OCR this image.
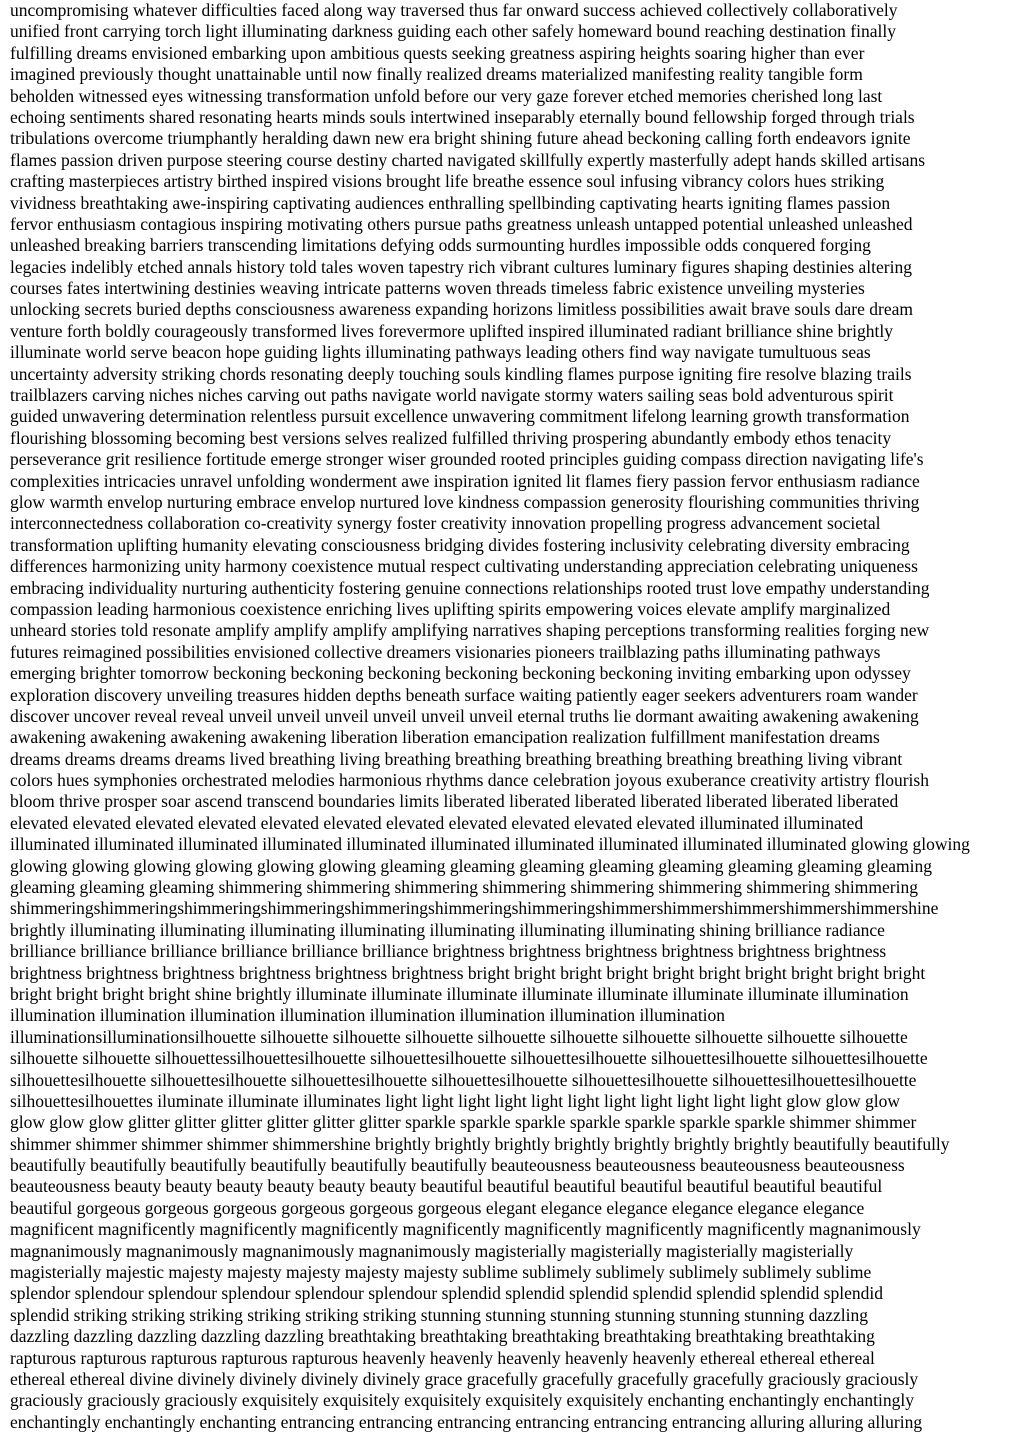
uncompromising whatever difficulties faced along way traversed thus far onward success achieved collectively collaboratively
unified front carrying torch light illuminating darkness guiding each other safely homeward bound reaching destination finally
fulfilling dreams envisioned embarking upon ambitious quests seeking greatness aspiring heights soaring higher than ever
imagined previously thought unattainable until now finally realized dreams materialized manifesting reality tangible form
beholden witnessed eyes witnessing transformation unfold before our very gaze forever etched memories cherished long last
echoing sentiments shared resonating hearts minds souls intertwined inseparably eternally bound fellowship forged through trials
tribulations overcome triumphantly heralding dawn new era bright shining future ahead beckoning calling forth endeavors ignite
flames passion driven purpose steering course destiny charted navigated skillfully expertly masterfully adept hands skilled artisans
crafting masterpieces artistry birthed inspired visions brought life breathe essence soul infusing vibrancy colors hues striking
vividness breathtaking awe-inspiring captivating audiences enthralling spellbinding captivating hearts igniting flames passion
fervor enthusiasm contagious inspiring motivating others pursue paths greatness unleash untapped potential unleashed unleashed
unleashed breaking barriers transcending limitations defying odds surmounting hurdles impossible odds conquered forging
legacies indelibly etched annals history told tales woven tapestry rich vibrant cultures luminary figures shaping destinies altering
courses fates intertwining destinies weaving intricate patterns woven threads timeless fabric existence unveiling mysteries
unlocking secrets buried depths consciousness awareness expanding horizons limitless possibilities await brave souls dare dream
venture forth boldly courageously transformed lives forevermore uplifted inspired illuminated radiant brilliance shine brightly
illuminate world serve beacon hope guiding lights illuminating pathways leading others find way navigate tumultuous seas
uncertainty adversity striking chords resonating deeply touching souls kindling flames purpose igniting fire resolve blazing trails
trailblazers carving niches niches carving out paths navigate world navigate stormy waters sailing seas bold adventurous spirit
guided unwavering determination relentless pursuit excellence unwavering commitment lifelong learning growth transformation
flourishing blossoming becoming best versions selves realized fulfilled thriving prospering abundantly embody ethos tenacity
perseverance grit resilience fortitude emerge stronger wiser grounded rooted principles guiding compass direction navigating life's
complexities intricacies unravel unfolding wonderment awe inspiration ignited lit flames fiery passion fervor enthusiasm radiance
glow warmth envelop nurturing embrace envelop nurtured love kindness compassion generosity flourishing communities thriving
interconnectedness collaboration co-creativity synergy foster creativity innovation propelling progress advancement societal
transformation uplifting humanity elevating consciousness bridging divides fostering inclusivity celebrating diversity embracing
differences harmonizing unity harmony coexistence mutual respect cultivating understanding appreciation celebrating uniqueness
embracing individuality nurturing authenticity fostering genuine connections relationships rooted trust love empathy understanding
compassion leading harmonious coexistence enriching lives uplifting spirits empowering voices elevate amplify marginalized
unheard stories told resonate amplify amplify amplify amplifying narratives shaping perceptions transforming realities forging new
futures reimagined possibilities envisioned collective dreamers visionaries pioneers trailblazing paths illuminating pathways
emerging brighter tomorrow beckoning beckoning beckoning beckoning beckoning beckoning inviting embarking upon odyssey
exploration discovery unveiling treasures hidden depths beneath surface waiting patiently eager seekers adventurers roam wander
discover uncover reveal reveal unveil unveil unveil unveil unveil unveil eternal truths lie dormant awaiting awakening awakening
awakening awakening awakening awakening liberation liberation emancipation realization fulfillment manifestation dreams
dreams dreams dreams dreams lived breathing living breathing breathing breathing breathing breathing breathing living vibrant
colors hues symphonies orchestrated melodies harmonious rhythms dance celebration joyous exuberance creativity artistry flourish
bloom thrive prosper soar ascend transcend boundaries limits liberated liberated liberated liberated liberated liberated liberated
elevated elevated elevated elevated elevated elevated elevated elevated elevated elevated elevated illuminated illuminated
illuminated illuminated illuminated illuminated illuminated illuminated illuminated illuminated illuminated illuminated glowing glowing
glowing glowing glowing glowing glowing glowing gleaming gleaming gleaming gleaming gleaming gleaming gleaming gleaming
gleaming gleaming gleaming shimmering shimmering shimmering shimmering shimmering shimmering shimmering shimmering
shimmeringshimmeringshimmeringshimmeringshimmeringshimmeringshimmeringshimmershimmershimmershimmershimmershine
brightly illuminating illuminating illuminating illuminating illuminating illuminating illuminating shining brilliance radiance
brilliance brilliance brilliance brilliance brilliance brilliance brightness brightness brightness brightness brightness brightness
brightness brightness brightness brightness brightness brightness bright bright bright bright bright bright bright bright bright bright
bright bright bright bright shine brightly illuminate illuminate illuminate illuminate illuminate illuminate illuminate illumination
illumination illumination illumination illumination illumination illumination illumination illumination
illuminationsilluminationsilhouette silhouette silhouette silhouette silhouette silhouette silhouette silhouette silhouette silhouette
silhouette silhouette silhouettessilhouettesilhouette silhouettesilhouette silhouettesilhouette silhouettesilhouette silhouettesilhouette
silhouettesilhouette silhouettesilhouette silhouettesilhouette silhouettesilhouette silhouettesilhouette silhouettesilhouettesilhouette
silhouettesilhouettes iluminate illuminate illuminates light light light light light light light light light light light glow glow glow
glow glow glow glitter glitter glitter glitter glitter glitter sparkle sparkle sparkle sparkle sparkle sparkle sparkle shimmer shimmer
shimmer shimmer shimmer shimmer shimmershine brightly brightly brightly brightly brightly brightly brightly beautifully beautifully
beautifully beautifully beautifully beautifully beautifully beautifully beauteousness beauteousness beauteousness beauteousness
beauteousness beauty beauty beauty beauty beauty beauty beautiful beautiful beautiful beautiful beautiful beautiful beautiful
beautiful gorgeous gorgeous gorgeous gorgeous gorgeous gorgeous elegant elegance elegance elegance elegance elegance
magnificent magnificently magnificently magnificently magnificently magnificently magnificently magnificently magnanimously
magnanimously magnanimously magnanimously magnanimously magisterially magisterially magisterially magisterially
magisterially majestic majesty majesty majesty majesty majesty sublime sublimely sublimely sublimely sublimely sublime
splendor splendour splendour splendour splendour splendour splendid splendid splendid splendid splendid splendid splendid
splendid striking striking striking striking striking striking stunning stunning stunning stunning stunning stunning dazzling
dazzling dazzling dazzling dazzling dazzling breathtaking breathtaking breathtaking breathtaking breathtaking breathtaking
rapturous rapturous rapturous rapturous rapturous heavenly heavenly heavenly heavenly heavenly ethereal ethereal ethereal
ethereal ethereal divine divinely divinely divinely divinely grace gracefully gracefully gracefully gracefully graciously graciously
graciously graciously graciously exquisitely exquisitely exquisitely exquisitely exquisitely enchanting enchantingly enchantingly
enchantingly enchantingly enchanting entrancing entrancing entrancing entrancing entrancing entrancing alluring alluring alluring
